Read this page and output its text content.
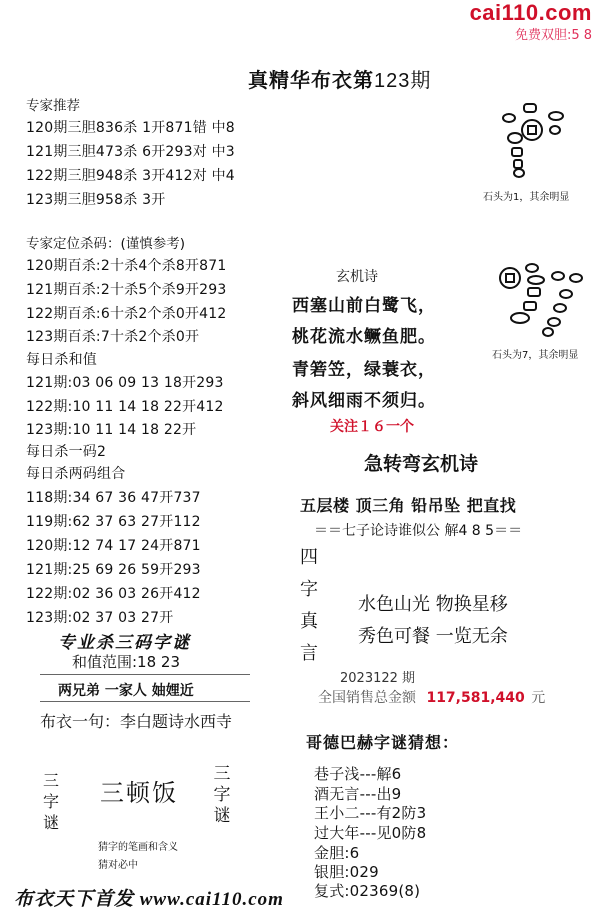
cai110.com
免费双胆:5 8
真精华布衣第123期
专家推荐
120期三胆836杀 1开871错 中8
121期三胆473杀 6开293对 中3
122期三胆948杀 3开412对 中4
123期三胆958杀 3开
专家定位杀码：(谨慎参考)
120期百杀:2十杀4个杀8开871
121期百杀:2十杀5个杀9开293
122期百杀:6十杀2个杀0开412
123期百杀:7十杀2个杀0开
每日杀和值
121期:03 06 09 13 18开293
122期:10 11 14 18 22开412
123期:10 11 14 18 22开
每日杀一码2
每日杀两码组合
118期:34 67 36 47开737
119期:62 37 63 27开112
120期:12 74 17 24开871
121期:25 69 26 59开293
122期:02 36 03 26开412
123期:02 37 03 27开
专业杀三码字谜
和值范围:18 23
两兄弟 一家人 妯娌近
布衣一句：李白题诗水西寺
三字谜
三顿饭
三字谜
猜字的笔画和含义
猜对必中
石头为1，其余明显
石头为7，其余明显
玄机诗
西塞山前白鹭飞，
桃花流水鳜鱼肥。
青箬笠，绿蓑衣，
斜风细雨不须归。
关注１６一个
急转弯玄机诗
五层楼 顶三角 铅吊坠 把直找
＝＝七子论诗谁似公 解4 8 5＝＝
四字真言
水色山光 物换星移
秀色可餐 一览无余
2023122 期
全国销售总金额 117,581,440 元
哥德巴赫字谜猜想：
巷子浅---解6
酒无言---出9
王小二---有2防3
过大年---见0防8
金胆:6
银胆:029
复式:02369(8)
布衣天下首发 www.cai110.com
